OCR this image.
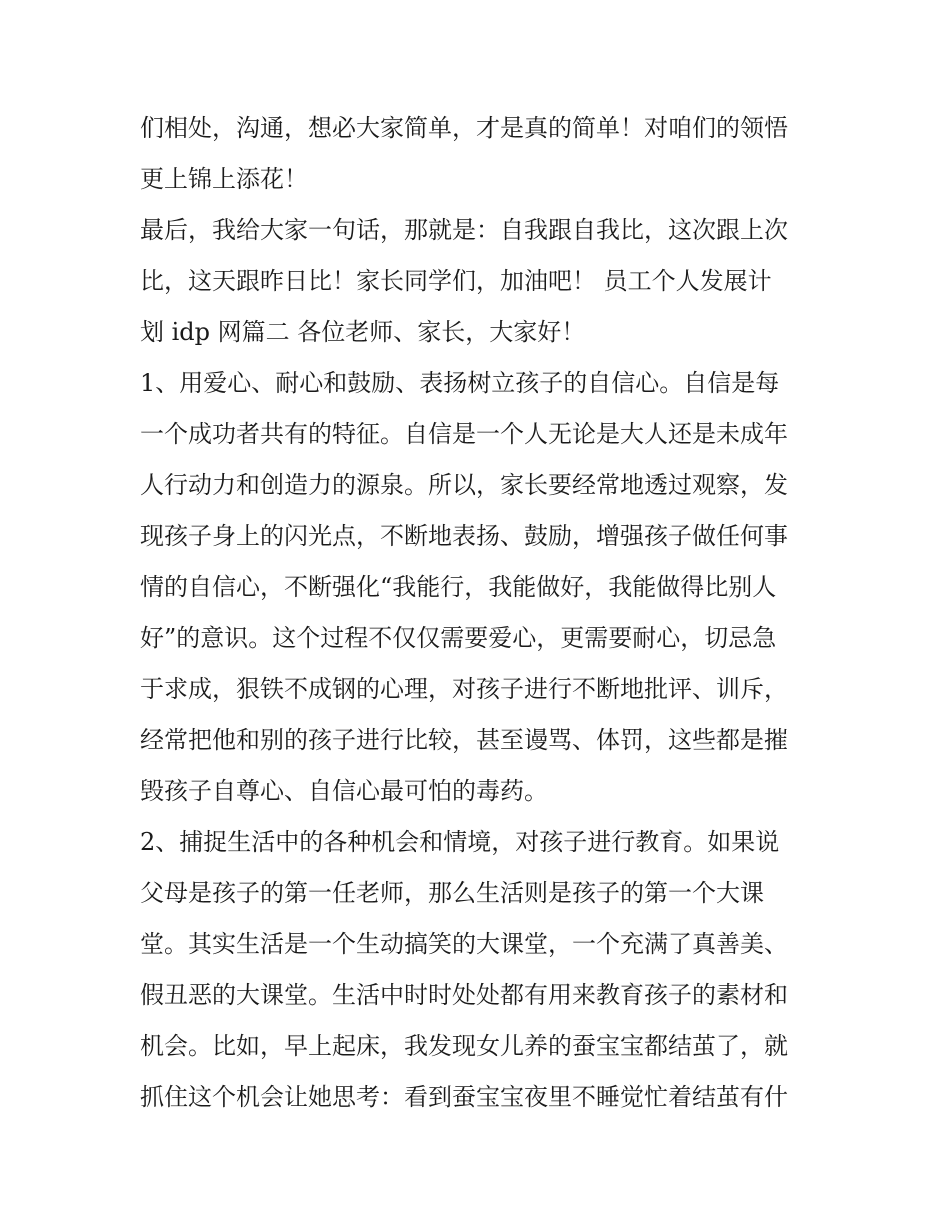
们相处，沟通，想必大家简单，才是真的简单！对咱们的领悟
更上锦上添花！
最后，我给大家一句话，那就是：自我跟自我比，这次跟上次
比，这天跟昨日比！家长同学们，加油吧！ 员工个人发展计
划 idp 网篇二 各位老师、家长，大家好！
1、用爱心、耐心和鼓励、表扬树立孩子的自信心。自信是每
一个成功者共有的特征。自信是一个人无论是大人还是未成年
人行动力和创造力的源泉。所以，家长要经常地透过观察，发
现孩子身上的闪光点，不断地表扬、鼓励，增强孩子做任何事
情的自信心，不断强化“我能行，我能做好，我能做得比别人
好”的意识。这个过程不仅仅需要爱心，更需要耐心，切忌急
于求成，狠铁不成钢的心理，对孩子进行不断地批评、训斥，
经常把他和别的孩子进行比较，甚至谩骂、体罚，这些都是摧
毁孩子自尊心、自信心最可怕的毒药。
2、捕捉生活中的各种机会和情境，对孩子进行教育。如果说
父母是孩子的第一任老师，那么生活则是孩子的第一个大课
堂。其实生活是一个生动搞笑的大课堂，一个充满了真善美、
假丑恶的大课堂。生活中时时处处都有用来教育孩子的素材和
机会。比如，早上起床，我发现女儿养的蚕宝宝都结茧了，就
抓住这个机会让她思考：看到蚕宝宝夜里不睡觉忙着结茧有什
